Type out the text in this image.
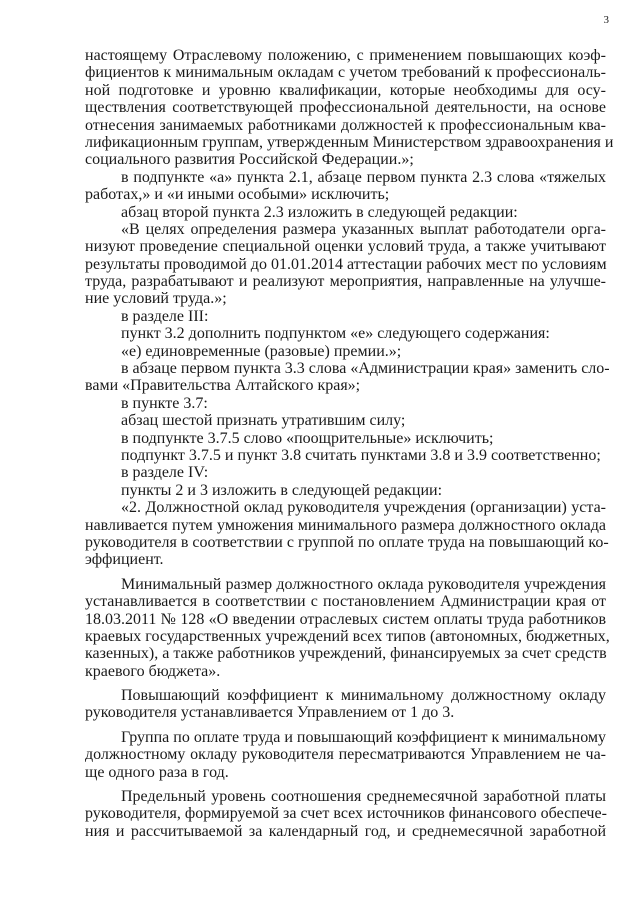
3
настоящему Отраслевому положению, с применением повышающих коэф-
фициентов к минимальным окладам с учетом требований к профессиональ-
ной подготовке и уровню квалификации, которые необходимы для осу-
ществления соответствующей профессиональной деятельности, на основе
отнесения занимаемых работниками должностей к профессиональным ква-
лификационным группам, утвержденным Министерством здравоохранения и
социального развития Российской Федерации.»;
в подпункте «а» пункта 2.1, абзаце первом пункта 2.3 слова «тяжелых
работах,» и «и иными особыми» исключить;
абзац второй пункта 2.3 изложить в следующей редакции:
«В целях определения размера указанных выплат работодатели орга-
низуют проведение специальной оценки условий труда, а также учитывают
результаты проводимой до 01.01.2014 аттестации рабочих мест по условиям
труда, разрабатывают и реализуют мероприятия, направленные на улучше-
ние условий труда.»;
в разделе III:
пункт 3.2 дополнить подпунктом «е» следующего содержания:
«е) единовременные (разовые) премии.»;
в абзаце первом пункта 3.3 слова «Администрации края» заменить сло-
вами «Правительства Алтайского края»;
в пункте 3.7:
абзац шестой признать утратившим силу;
в подпункте 3.7.5 слово «поощрительные» исключить;
подпункт 3.7.5 и пункт 3.8 считать пунктами 3.8 и 3.9 соответственно;
в разделе IV:
пункты 2 и 3 изложить в следующей редакции:
«2. Должностной оклад руководителя учреждения (организации) уста-
навливается путем умножения минимального размера должностного оклада
руководителя в соответствии с группой по оплате труда на повышающий ко-
эффициент.
Минимальный размер должностного оклада руководителя учреждения
устанавливается в соответствии с постановлением Администрации края от
18.03.2011 № 128 «О введении отраслевых систем оплаты труда работников
краевых государственных учреждений всех типов (автономных, бюджетных,
казенных), а также работников учреждений, финансируемых за счет средств
краевого бюджета».
Повышающий коэффициент к минимальному должностному окладу
руководителя устанавливается Управлением от 1 до 3.
Группа по оплате труда и повышающий коэффициент к минимальному
должностному окладу руководителя пересматриваются Управлением не ча-
ще одного раза в год.
Предельный уровень соотношения среднемесячной заработной платы
руководителя, формируемой за счет всех источников финансового обеспече-
ния и рассчитываемой за календарный год, и среднемесячной заработной
